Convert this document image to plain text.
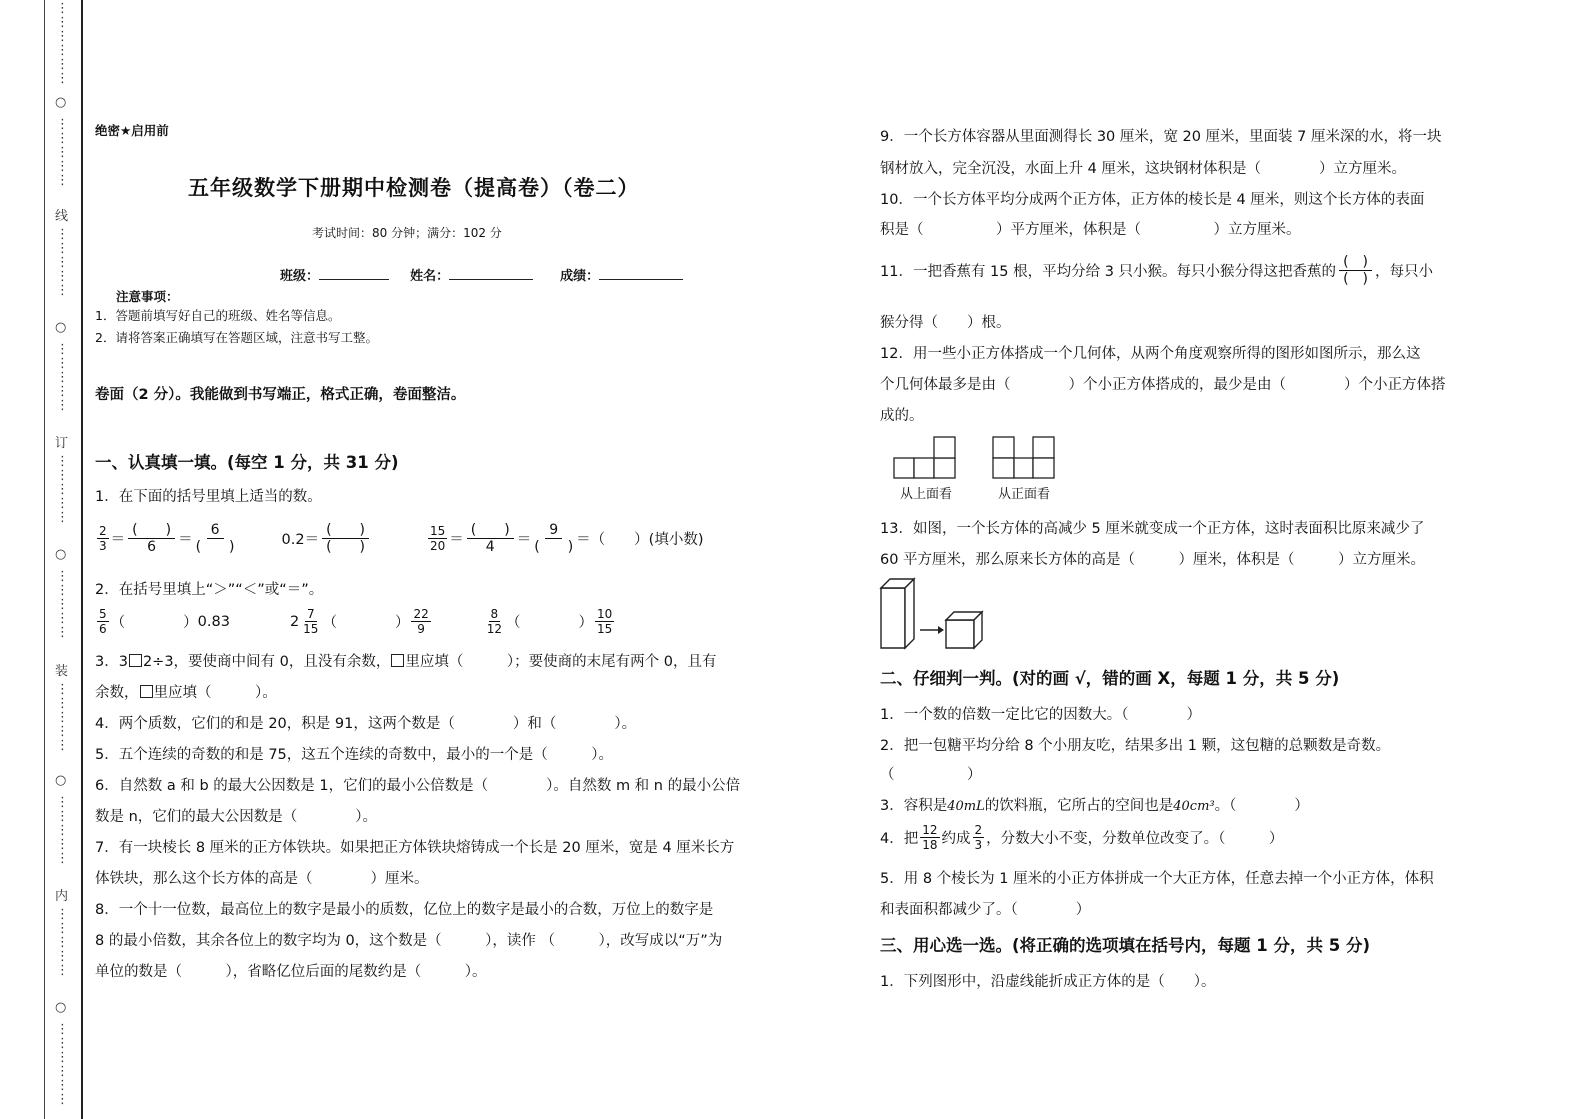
⋮
⋮
⋮
⋮
⋮
⋮
○
⋮
⋮
⋮
⋮
⋮
线
⋮
⋮
⋮
⋮
⋮
○
⋮
⋮
⋮
⋮
⋮
订
⋮
⋮
⋮
⋮
⋮
○
⋮
⋮
⋮
⋮
⋮
装
⋮
⋮
⋮
⋮
⋮
○
⋮
⋮
⋮
⋮
⋮
内
⋮
⋮
⋮
⋮
⋮
○
⋮
⋮
⋮
⋮
⋮
⋮
绝密★启用前
五年级数学下册期中检测卷（提高卷）（卷二）
考试时间：80 分钟；满分：102 分
班级：	姓名：	成绩：
注意事项：
1．答题前填写好自己的班级、姓名等信息。
2．请将答案正确填写在答题区域，注意书写工整。
卷面（2 分）。我能做到书写端正，格式正确，卷面整洁。
一、认真填一填。(每空 1 分，共 31 分)
1．在下面的括号里填上适当的数。
$\frac{2}{3} = \frac{( )}{6} = \frac{6}{( )}$	$0.2= \frac{( )}{( )}$	$\frac{15}{20} = \frac{( )}{4} = \frac{9}{( )}$ ＝（　　）(填小数)
2．在括号里填上“＞”“＜”或“＝”。
$\frac{5}{6}$ （　　　　） 0.83	$2 \frac{7}{15}$ （　　　　） $\frac{22}{9}$	$\frac{8}{12}$ （　　　　） $\frac{10}{15}$
3．3 2÷3，要使商中间有 0，且没有余数， 里应填（　　　）；要使商的末尾有两个 0，且有
余数， 里应填（　　　）。
4．两个质数，它们的和是 20，积是 91，这两个数是（　　　　）和（　　　　）。
5．五个连续的奇数的和是 75，这五个连续的奇数中，最小的一个是（　　　）。
6．自然数 a 和 b 的最大公因数是 1，它们的最小公倍数是（　　　　）。自然数 m 和 n 的最小公倍
数是 n，它们的最大公因数是（　　　　）。
7．有一块棱长 8 厘米的正方体铁块。如果把正方体铁块熔铸成一个长是 20 厘米，宽是 4 厘米长方
体铁块，那么这个长方体的高是（　　　　）厘米。
8．一个十一位数，最高位上的数字是最小的质数，亿位上的数字是最小的合数，万位上的数字是
8 的最小倍数，其余各位上的数字均为 0，这个数是（　　　），读作 （　　　），改写成以“万”为
单位的数是（　　　），省略亿位后面的尾数约是（　　　）。
9．一个长方体容器从里面测得长 30 厘米，宽 20 厘米，里面装 7 厘米深的水，将一块
钢材放入，完全沉没，水面上升 4 厘米，这块钢材体积是（　　　　）立方厘米。
10．一个长方体平均分成两个正方体，正方体的棱长是 4 厘米，则这个长方体的表面
积是（　　　　　）平方厘米，体积是（　　　　　）立方厘米。
11．一把香蕉有 15 根，平均分给 3 只小猴。每只小猴分得这把香蕉的 $\frac{( )}{( )}$ ，每只小
猴分得（　　）根。
12．用一些小正方体搭成一个几何体，从两个角度观察所得的图形如图所示，那么这
个几何体最多是由（　　　　）个小正方体搭成的，最少是由（　　　　）个小正方体搭
成的。
从上面看	从正面看
13．如图，一个长方体的高减少 5 厘米就变成一个正方体，这时表面积比原来减少了
60 平方厘米，那么原来长方体的高是（　　　）厘米，体积是（　　　）立方厘米。
二、仔细判一判。(对的画 √，错的画 X，每题 1 分，共 5 分)
1．一个数的倍数一定比它的因数大。（　　　　）
2．把一包糖平均分给 8 个小朋友吃，结果多出 1 颗，这包糖的总颗数是奇数。
（　　　　　）
3．容积是40mL的饮料瓶，它所占的空间也是40cm³。（　　　　）
4．把 $\frac{12}{18}$ 约成 $\frac{2}{3}$ ，分数大小不变，分数单位改变了。（　　　）
5．用 8 个棱长为 1 厘米的小正方体拼成一个大正方体，任意去掉一个小正方体，体积
和表面积都减少了。（　　　　）
三、用心选一选。(将正确的选项填在括号内，每题 1 分，共 5 分)
1．下列图形中，沿虚线能折成正方体的是（　　）。
